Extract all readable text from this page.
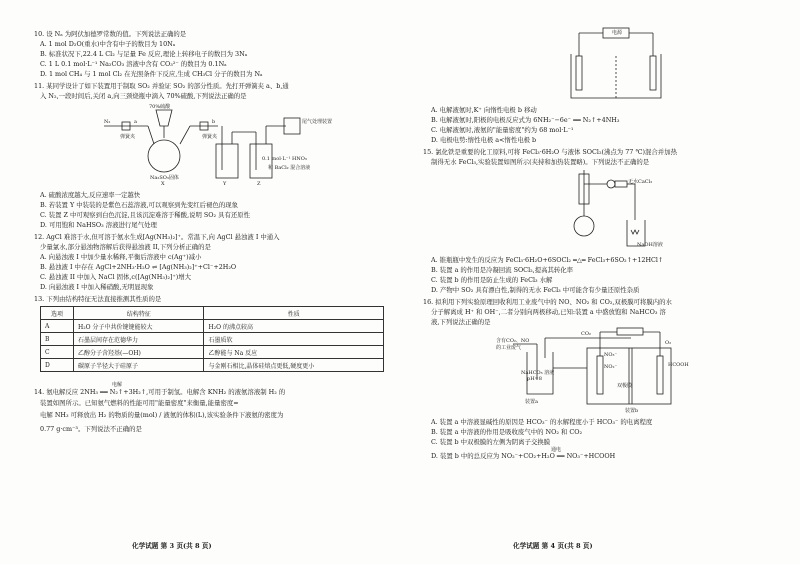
10. 设 Nₐ 为阿伏加德罗常数的值。下列说法正确的是
A. 1 mol D₂O(重水)中含有中子的数目为 10Nₐ
B. 标准状况下,22.4 L Cl₂ 与足量 Fe 反应,理论上转移电子的数目为 3Nₐ
C. 1 L 0.1 mol·L⁻¹ Na₂CO₃ 溶液中含有 CO₃²⁻ 的数目为 0.1Nₐ
D. 1 mol CH₄ 与 1 mol Cl₂ 在光照条件下反应,生成 CH₃Cl 分子的数目为 Nₐ
11. 某同学设计了如下装置用于制取 SO₂ 并验证 SO₂ 的部分性质。先打开弹簧夹 a、b,通
入 N₂,一段时间后,关闭 a,向三颈烧瓶中滴入 70%硫酸,下列说法正确的是
70%硫酸
N₂	a	b
弹簧夹	弹簧夹
Na₂SO₃固体
X	Y	Z
尾气处理装置
0.1 mol·L⁻¹ HNO₃
和 BaCl₂ 混合溶液
A. 硫酸浓度越大,反应速率一定越快
B. 若装置 Y 中装装的是紫色石蕊溶液,可以观察到先变红后褪色的现象
C. 装置 Z 中可观察到白色沉淀,且该沉淀难溶于稀酸,说明 SO₂ 具有还原性
D. 可用饱和 NaHSO₃ 溶液进行尾气处理
12. AgCl 难溶于水,但可溶于氨水生成[Ag(NH₃)₂]⁺。常温下,向 AgCl 悬浊液 I 中通入
少量氯水,部分悬浊物溶解后获得悬浊液 II,下列分析正确的是
A. 向悬浊液 I 中加少量水稀释,平衡后溶液中 c(Ag⁺)减小
B. 悬浊液 I 中存在 AgCl+2NH₃·H₂O ⇌ [Ag(NH₃)₂]⁺+Cl⁻+2H₂O
C. 悬浊液 II 中加入 NaCl 固体,c([Ag(NH₃)₂]⁺)增大
D. 向悬浊液 I 中加入稀硝酸,无明显现象
13. 下列由结构特征无法直接推测其性质的是
选项	结构特征	性质
A	H₂O 分子中共价键键能较大	H₂O 的沸点较高
B	石墨层间存在范德华力	石墨质软
C	乙醇分子含羟基(—OH)	乙醇能与 Na 反应
D	碳原子半径大于硅原子	与金刚石相比,晶体硅熔点更低,硬度更小
14. 氨电解反应 2NH₃ ══ N₂↑+3H₂↑,可用于制氢。电解含 KNH₂ 的液氨溶液制 H₂ 的
电解
装置如图所示。已知氨气燃料的性能可用"能量密度"来衡量,能量密度=
电解 NH₃ 可释放出 H₂ 的物质的量(mol) / 液氨的体积(L),该实验条件下液氨的密度为
0.77 g·cm⁻³。下列说法不正确的是
化学试题 第 3 页(共 8 页)
电源
A. 电解液氨时,K⁺ 向惰性电极 b 移动
B. 电解液氨时,阳极的电极反应式为 6NH₂⁻−6e⁻ ══ N₂↑+4NH₃
C. 电解液氨时,液氨的"能量密度"约为 68 mol·L⁻¹
D. 电极电势:惰性电极 a<惰性电极 b
15. 氯化铁是重要的化工原料,可将 FeCl₃·6H₂O 与液体 SOCl₂(沸点为 77 ℃)混合并加热
制得无水 FeCl₃,实验装置如图所示(夹持和加热装置略)。下列说法不正确的是
无水CaCl₂
NaOH溶液
A. 锥瓶瓶中发生的反应为 FeCl₃·6H₂O+6SOCl₂ ═△═ FeCl₃+6SO₂↑+12HCl↑
B. 装置 a 的作用是冷凝回流 SOCl₂,提高其转化率
C. 装置 b 的作用是防止生成的 FeCl₃ 水解
D. 产物中 SO₂ 具有漂白性,制得的无水 FeCl₃ 中可能含有少量还原性杂质
16. 拟利用下列实验原理回收利用工业废气中的 NO、NO₂ 和 CO₂,双极膜可将膜内的水
分子解离成 H⁺ 和 OH⁻,二者分别向两极移动,已知:装置 a 中盛放饱和 NaHCO₃ 溶
液,下列说法正确的是
含有CO₂、NO
的工业废气
CO₂
NaHCO₃ 溶液
pH=8
NO₃⁻
NO₂⁻	HCOOH
双极膜
装置a
装置b
O₂
A. 装置 a 中溶液显碱性的原因是 HCO₃⁻ 的水解程度小于 HCO₃⁻ 的电离程度
B. 装置 a 中溶液的作用是吸收废气中的 NO₂ 和 CO₂
C. 装置 b 中双极膜的左侧为阴离子交换膜
D. 装置 b 中的总反应为 NO₂⁻+CO₂+H₂O ══ NO₃⁻+HCOOH
通电
化学试题 第 4 页(共 8 页)
